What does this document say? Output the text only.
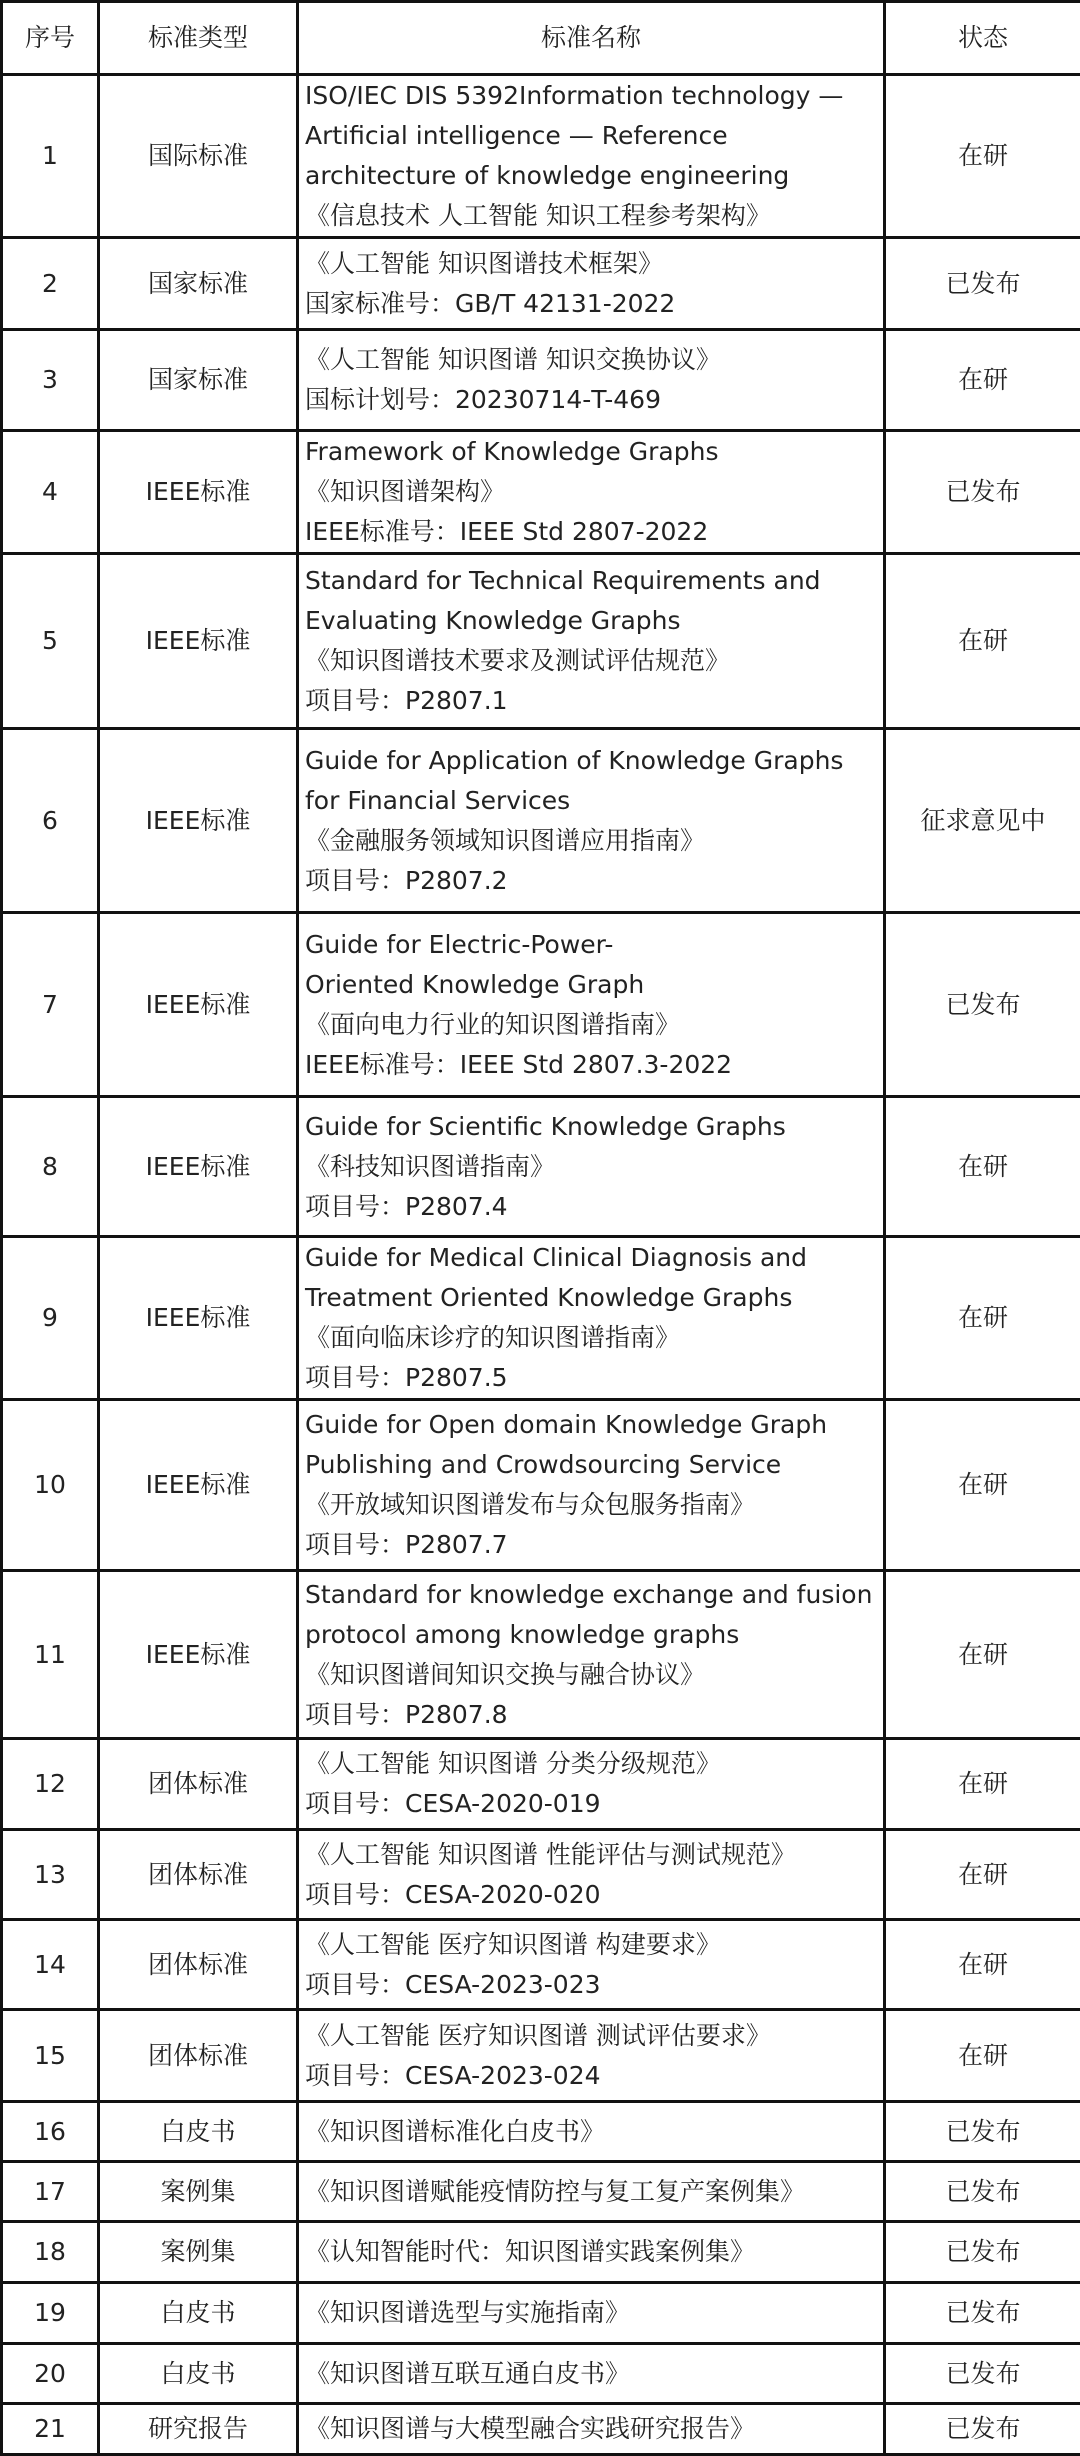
序号	标准类型	标准名称	状态
1	国际标准	ISO/IEC DIS 5392Information technology —
Artificial intelligence — Reference
architecture of knowledge engineering
《信息技术 人工智能 知识工程参考架构》	在研
2	国家标准	《人工智能 知识图谱技术框架》
国家标准号：GB/T 42131-2022	已发布
3	国家标准	《人工智能 知识图谱 知识交换协议》
国标计划号：20230714-T-469	在研
4	IEEE标准	Framework of Knowledge Graphs
《知识图谱架构》
IEEE标准号：IEEE Std 2807-2022	已发布
5	IEEE标准	Standard for Technical Requirements and
Evaluating Knowledge Graphs
《知识图谱技术要求及测试评估规范》
项目号：P2807.1	在研
6	IEEE标准	Guide for Application of Knowledge Graphs
for Financial Services
《金融服务领域知识图谱应用指南》
项目号：P2807.2	征求意见中
7	IEEE标准	Guide for Electric-Power-
Oriented Knowledge Graph
《面向电力行业的知识图谱指南》
IEEE标准号：IEEE Std 2807.3-2022	已发布
8	IEEE标准	Guide for Scientific Knowledge Graphs
《科技知识图谱指南》
项目号：P2807.4	在研
9	IEEE标准	Guide for Medical Clinical Diagnosis and
Treatment Oriented Knowledge Graphs
《面向临床诊疗的知识图谱指南》
项目号：P2807.5	在研
10	IEEE标准	Guide for Open domain Knowledge Graph
Publishing and Crowdsourcing Service
《开放域知识图谱发布与众包服务指南》
项目号：P2807.7	在研
11	IEEE标准	Standard for knowledge exchange and fusion
protocol among knowledge graphs
《知识图谱间知识交换与融合协议》
项目号：P2807.8	在研
12	团体标准	《人工智能 知识图谱 分类分级规范》
项目号：CESA-2020-019	在研
13	团体标准	《人工智能 知识图谱 性能评估与测试规范》
项目号：CESA-2020-020	在研
14	团体标准	《人工智能 医疗知识图谱 构建要求》
项目号：CESA-2023-023	在研
15	团体标准	《人工智能 医疗知识图谱 测试评估要求》
项目号：CESA-2023-024	在研
16	白皮书	《知识图谱标准化白皮书》	已发布
17	案例集	《知识图谱赋能疫情防控与复工复产案例集》	已发布
18	案例集	《认知智能时代：知识图谱实践案例集》	已发布
19	白皮书	《知识图谱选型与实施指南》	已发布
20	白皮书	《知识图谱互联互通白皮书》	已发布
21	研究报告	《知识图谱与大模型融合实践研究报告》	已发布
